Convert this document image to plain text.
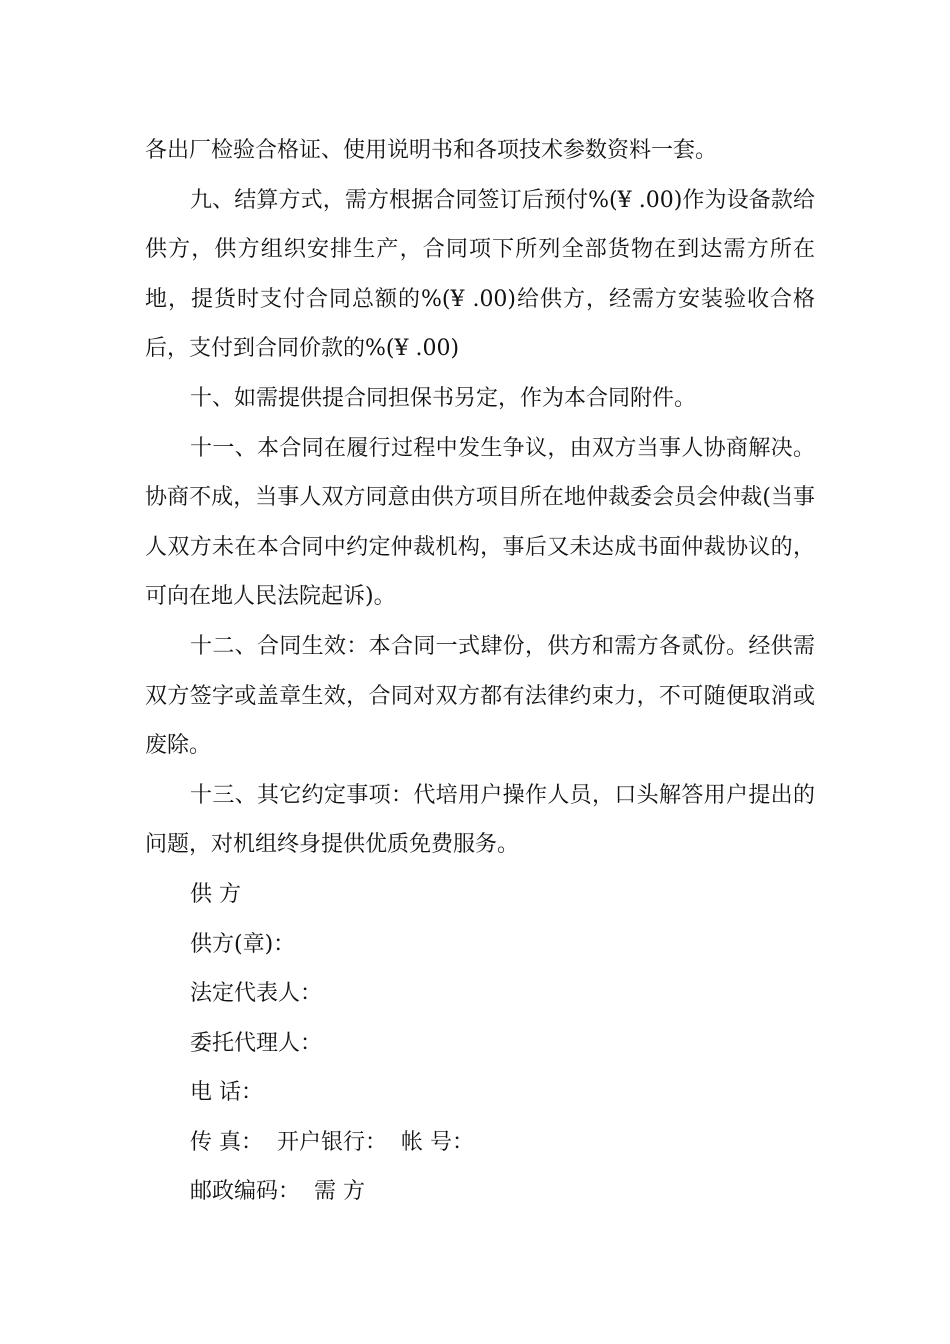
各出厂检验合格证、使用说明书和各项技术参数资料一套。

九、结算方式，需方根据合同签订后预付%(¥ .00)作为设备款给供方，供方组织安排生产，合同项下所列全部货物在到达需方所在地，提货时支付合同总额的%(¥ .00)给供方，经需方安装验收合格后，支付到合同价款的%(¥ .00)

十、如需提供提合同担保书另定，作为本合同附件。

十一、本合同在履行过程中发生争议，由双方当事人协商解决。协商不成，当事人双方同意由供方项目所在地仲裁委会员会仲裁(当事人双方未在本合同中约定仲裁机构，事后又未达成书面仲裁协议的，可向在地人民法院起诉)。

十二、合同生效：本合同一式肆份，供方和需方各贰份。经供需双方签字或盖章生效，合同对双方都有法律约束力，不可随便取消或废除。

十三、其它约定事项：代培用户操作人员，口头解答用户提出的问题，对机组终身提供优质免费服务。

供 方

供方(章)：

法定代表人：

委托代理人：

电 话：

传 真：  开户银行：  帐 号：

邮政编码：  需 方
